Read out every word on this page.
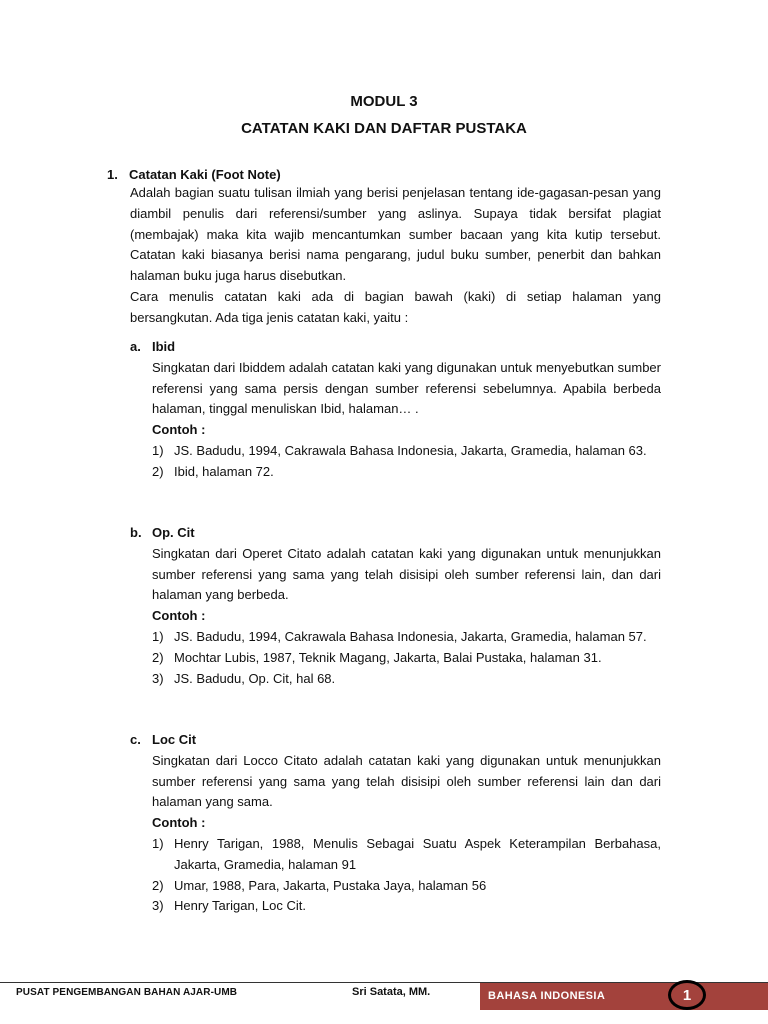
MODUL 3
CATATAN KAKI DAN DAFTAR PUSTAKA
1. Catatan Kaki (Foot Note)

Adalah bagian suatu tulisan ilmiah yang berisi penjelasan tentang ide-gagasan-pesan yang diambil penulis dari referensi/sumber yang aslinya. Supaya tidak bersifat plagiat (membajak) maka kita wajib mencantumkan sumber bacaan yang kita kutip tersebut. Catatan kaki biasanya berisi nama pengarang, judul buku sumber, penerbit dan bahkan halaman buku juga harus disebutkan.

Cara menulis catatan kaki ada di bagian bawah (kaki) di setiap halaman yang bersangkutan. Ada tiga jenis catatan kaki, yaitu :

a. Ibid
Singkatan dari Ibiddem adalah catatan kaki yang digunakan untuk menyebutkan sumber referensi yang sama persis dengan sumber referensi sebelumnya. Apabila berbeda halaman, tinggal menuliskan Ibid, halaman… .
Contoh :
1) JS. Badudu, 1994, Cakrawala Bahasa Indonesia, Jakarta, Gramedia, halaman 63.
2) Ibid, halaman 72.
b. Op. Cit
Singkatan dari Operet Citato adalah catatan kaki yang digunakan untuk menunjukkan sumber referensi yang sama yang telah disisipi oleh sumber referensi lain, dan dari halaman yang berbeda.
Contoh :
1) JS. Badudu, 1994, Cakrawala Bahasa Indonesia, Jakarta, Gramedia, halaman 57.
2) Mochtar Lubis, 1987, Teknik Magang, Jakarta, Balai Pustaka, halaman 31.
3) JS. Badudu, Op. Cit, hal 68.
c. Loc Cit
Singkatan dari Locco Citato adalah catatan kaki yang digunakan untuk menunjukkan sumber referensi yang sama yang telah disisipi oleh sumber referensi lain dan dari halaman yang sama.
Contoh :
1) Henry Tarigan, 1988, Menulis Sebagai Suatu Aspek Keterampilan Berbahasa, Jakarta, Gramedia, halaman 91
2) Umar, 1988, Para, Jakarta, Pustaka Jaya, halaman 56
3) Henry Tarigan, Loc Cit.
PUSAT PENGEMBANGAN BAHAN AJAR-UMB	Sri Satata, MM.	BAHASA INDONESIA	1
